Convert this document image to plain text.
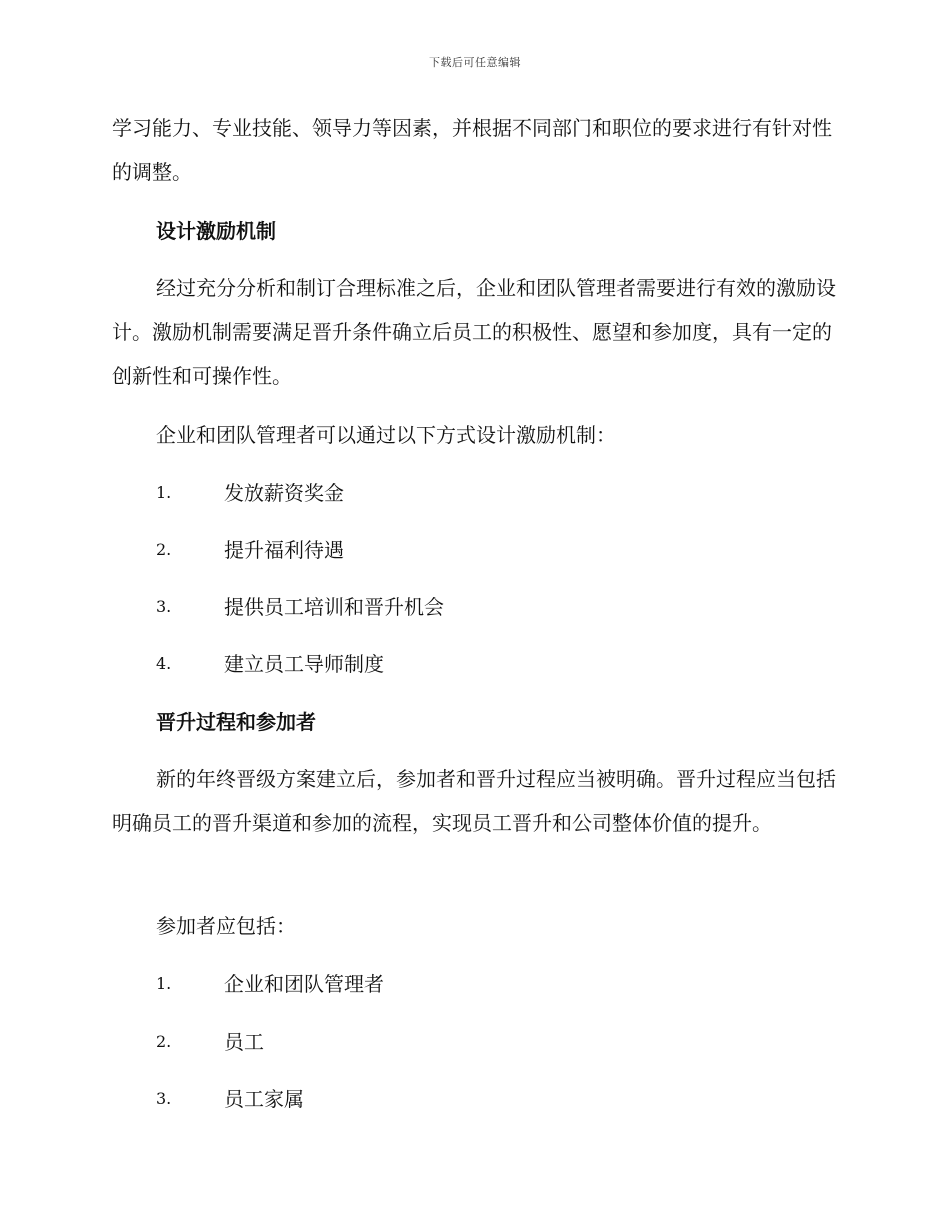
下载后可任意编辑

学习能力、专业技能、领导力等因素，并根据不同部门和职位的要求进行有针对性的调整。

设计激励机制

经过充分分析和制订合理标准之后，企业和团队管理者需要进行有效的激励设计。激励机制需要满足晋升条件确立后员工的积极性、愿望和参加度，具有一定的创新性和可操作性。

企业和团队管理者可以通过以下方式设计激励机制：

1.	发放薪资奖金
2.	提升福利待遇
3.	提供员工培训和晋升机会
4.	建立员工导师制度
晋升过程和参加者

新的年终晋级方案建立后，参加者和晋升过程应当被明确。晋升过程应当包括明确员工的晋升渠道和参加的流程，实现员工晋升和公司整体价值的提升。

参加者应包括：

1.	企业和团队管理者
2.	员工
3.	员工家属
